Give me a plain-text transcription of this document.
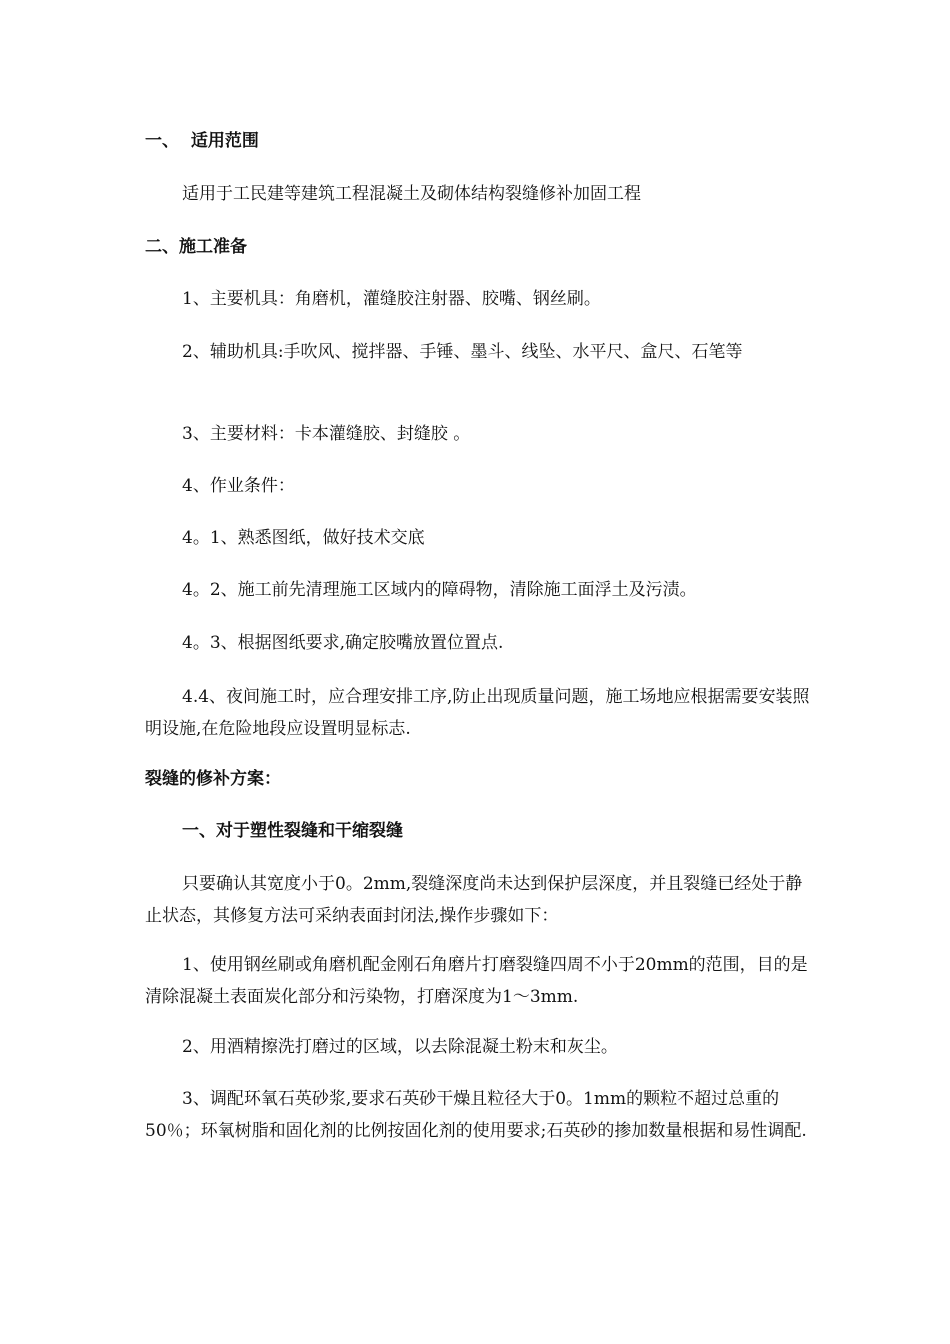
一、  适用范围

适用于工民建等建筑工程混凝土及砌体结构裂缝修补加固工程

二、施工准备

1、主要机具：角磨机，灌缝胶注射器、胶嘴、钢丝刷。

2、辅助机具:手吹风、搅拌器、手锤、墨斗、线坠、水平尺、盒尺、石笔等

3、主要材料：卡本灌缝胶、封缝胶 。

4、作业条件：

4。1、熟悉图纸，做好技术交底

4。2、施工前先清理施工区域内的障碍物，清除施工面浮土及污渍。

4。3、根据图纸要求,确定胶嘴放置位置点.

4.4、夜间施工时，应合理安排工序,防止出现质量问题，施工场地应根据需要安装照明设施,在危险地段应设置明显标志.

裂缝的修补方案：

一、对于塑性裂缝和干缩裂缝

只要确认其宽度小于0。2mm,裂缝深度尚未达到保护层深度，并且裂缝已经处于静止状态，其修复方法可采纳表面封闭法,操作步骤如下：

1、使用钢丝刷或角磨机配金刚石角磨片打磨裂缝四周不小于20mm的范围，目的是清除混凝土表面炭化部分和污染物，打磨深度为1～3mm.

2、用酒精擦洗打磨过的区域，以去除混凝土粉末和灰尘。

3、调配环氧石英砂浆,要求石英砂干燥且粒径大于0。1mm的颗粒不超过总重的50％；环氧树脂和固化剂的比例按固化剂的使用要求;石英砂的掺加数量根据和易性调配.
